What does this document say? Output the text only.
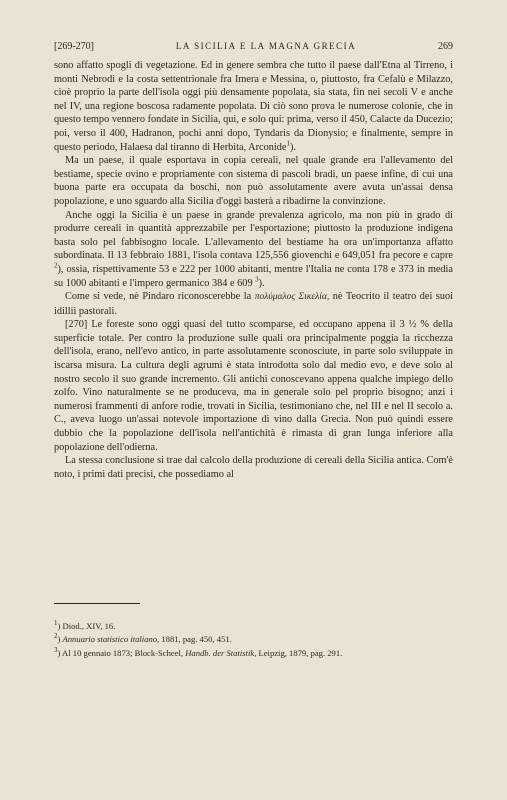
[269-270]	LA SICILIA E LA MAGNA GRECIA	269

sono affatto spogli di vegetazione. Ed in genere sembra che tutto il paese dall'Etna al Tirreno, i monti Nebrodi e la costa settentrionale fra Imera e Messina, o, piuttosto, fra Cefalù e Milazzo, cioè proprio la parte dell'isola oggi più densamente popolata, sia stata, fin nei secoli V e anche nel IV, una regione boscosa radamente popolata. Di ciò sono prova le numerose colonie, che in questo tempo vennero fondate in Sicilia, qui, e solo qui: prima, verso il 450, Calacte da Ducezio; poi, verso il 400, Hadranon, pochi anni dopo, Tyndaris da Dionysio; e finalmente, sempre in questo periodo, Halaesa dal tiranno di Herbita, Arconide$^1$).

Ma un paese, il quale esportava in copia cereali, nel quale grande era l'allevamento del bestiame, specie ovino e propriamente con sistema di pascoli bradi, un paese infine, di cui una buona parte era occupata da boschi, non può assolutamente avere avuta un'assai densa popolazione, e uno sguardo alla Sicilia d'oggi basterà a ribadirne la convinzione.

Anche oggi la Sicilia è un paese in grande prevalenza agricolo, ma non più in grado di produrre cereali in quantità apprezzabile per l'esportazione; piuttosto la produzione indigena basta solo pel fabbisogno locale. L'allevamento del bestiame ha ora un'importanza affatto subordinata. Il 13 febbraio 1881, l'isola contava 125,556 giovenchi e 649,051 fra pecore e capre $^2$), ossia, rispettivamente 53 e 222 per 1000 abitanti, mentre l'Italia ne conta 178 e 373 in media su 1000 abitanti e l'impero germanico 384 e 609 $^3$).

Come si vede, nè Pindaro riconoscerebbe la πολύμαλος Σικελία, nè Teocrito il teatro dei suoi idillii pastorali.

[270] Le foreste sono oggi quasi del tutto scomparse, ed occupano appena il 3 ½ % della superficie totale. Per contro la produzione sulle quali ora principalmente poggia la ricchezza dell'isola, erano, nell'evo antico, in parte assolutamente sconosciute, in parte solo sviluppate in iscarsa misura. La cultura degli agrumi è stata introdotta solo dal medio evo, e deve solo al nostro secolo il suo grande incremento. Gli antichi conoscevano appena qualche impiego dello zolfo. Vino naturalmente se ne produceva, ma in generale solo pel proprio bisogno; anzi i numerosi frammenti di anfore rodie, trovati in Sicilia, testimoniano che, nel III e nel II secolo a. C., aveva luogo un'assai notevole importazione di vino dalla Grecia. Non può quindi essere dubbio che la popolazione dell'isola nell'antichità è rimasta di gran lunga inferiore alla popolazione dell'odierna.

La stessa conclusione si trae dal calcolo della produzione di cereali della Sicilia antica. Com'è noto, i primi dati precisi, che possediamo al

$^1$) Diod., XIV, 16.
$^2$) Annuario statistico italiano, 1881, pag. 450, 451.
$^3$) Al 10 gennaio 1873; Block-Scheel, Handb. der Statistik, Leipzig, 1879, pag. 291.
